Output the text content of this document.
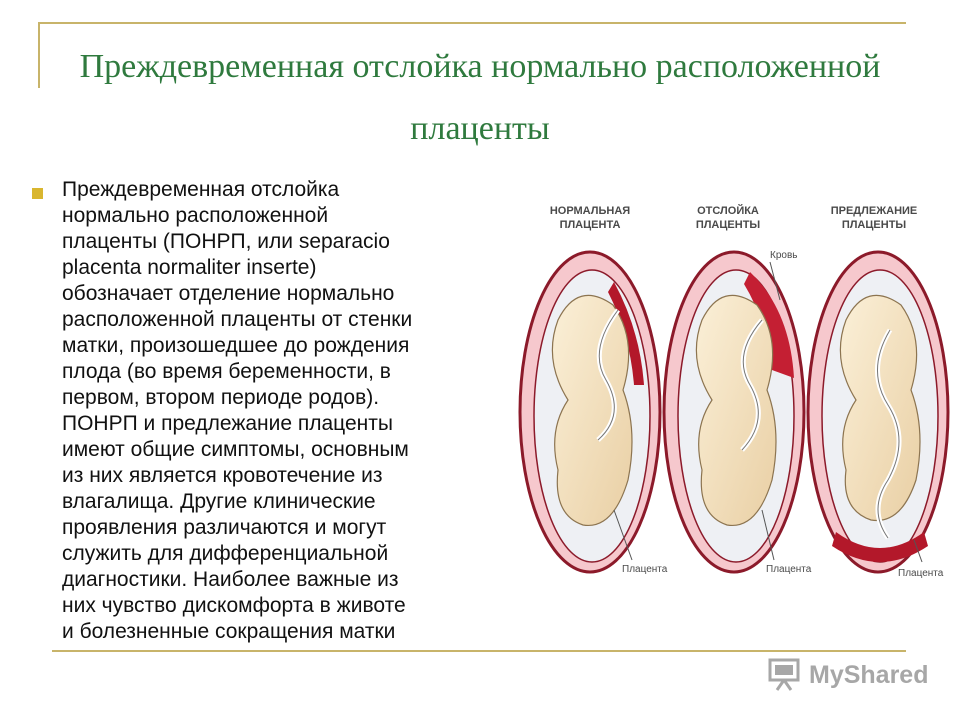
Преждевременная отслойка нормально расположенной плаценты
Преждевременная отслойка
нормально расположенной
плаценты (ПОНРП, или separacio
placenta normaliter inserte)
обозначает отделение нормально
расположенной плаценты от стенки
матки, произошедшее до рождения
плода (во время беременности, в
первом, втором периоде родов).
ПОНРП и предлежание плаценты
имеют общие симптомы, основным
из них является кровотечение из
влагалища. Другие клинические
проявления различаются и могут
служить для дифференциальной
диагностики. Наиболее важные из
них чувство дискомфорта в животе
и болезненные сокращения матки
НОРМАЛЬНАЯ
ПЛАЦЕНТА
Плацента
ОТСЛОЙКА
ПЛАЦЕНТЫ
Кровь
Плацента
ПРЕДЛЕЖАНИЕ
ПЛАЦЕНТЫ
Плацента
MyShared
